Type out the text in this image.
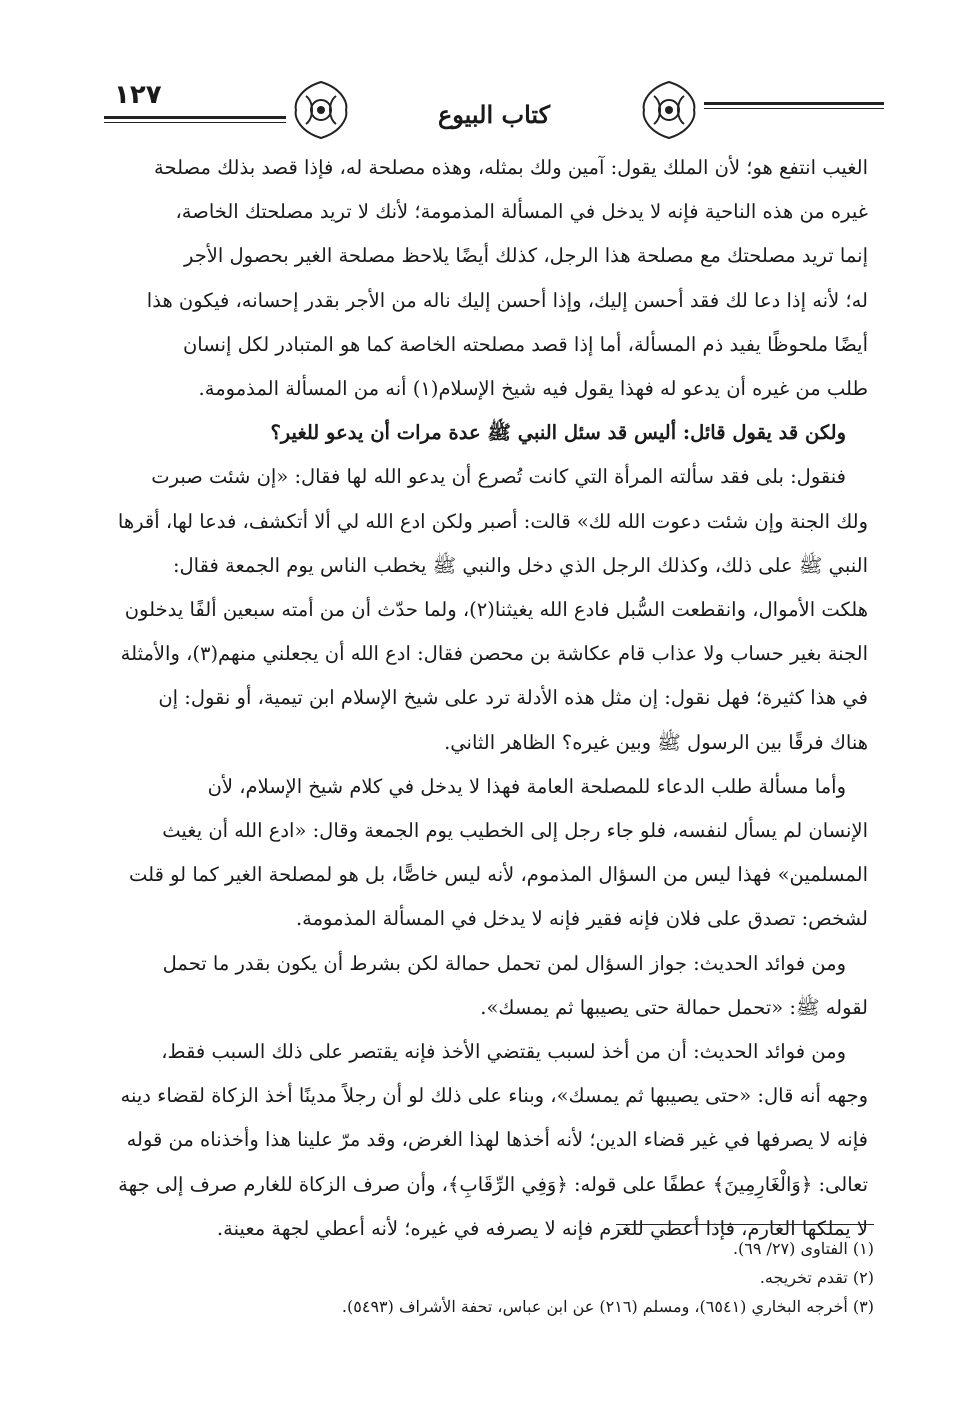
١٢٧
كتاب البيوع

الغيب انتفع هو؛ لأن الملك يقول: آمين ولك بمثله، وهذه مصلحة له، فإذا قصد بذلك مصلحة
غيره من هذه الناحية فإنه لا يدخل في المسألة المذمومة؛ لأنك لا تريد مصلحتك الخاصة،
إنما تريد مصلحتك مع مصلحة هذا الرجل، كذلك أيضًا يلاحظ مصلحة الغير بحصول الأجر
له؛ لأنه إذا دعا لك فقد أحسن إليك، وإذا أحسن إليك ناله من الأجر بقدر إحسانه، فيكون هذا
أيضًا ملحوظًا يفيد ذم المسألة، أما إذا قصد مصلحته الخاصة كما هو المتبادر لكل إنسان
طلب من غيره أن يدعو له فهذا يقول فيه شيخ الإسلام(١) أنه من المسألة المذمومة.

ولكن قد يقول قائل: أليس قد سئل النبي ﷺ عدة مرات أن يدعو للغير؟

فنقول: بلى فقد سألته المرأة التي كانت تُصرع أن يدعو الله لها فقال: «إن شئت صبرت
ولك الجنة وإن شئت دعوت الله لك» قالت: أصبر ولكن ادع الله لي ألا أتكشف، فدعا لها، أقرها
النبي ﷺ على ذلك، وكذلك الرجل الذي دخل والنبي ﷺ يخطب الناس يوم الجمعة فقال:
هلكت الأموال، وانقطعت السُّبل فادع الله يغيثنا(٢)، ولما حدّث أن من أمته سبعين ألفًا يدخلون
الجنة بغير حساب ولا عذاب قام عكاشة بن محصن فقال: ادع الله أن يجعلني منهم(٣)، والأمثلة
في هذا كثيرة؛ فهل نقول: إن مثل هذه الأدلة ترد على شيخ الإسلام ابن تيمية، أو نقول: إن
هناك فرقًا بين الرسول ﷺ وبين غيره؟ الظاهر الثاني.

وأما مسألة طلب الدعاء للمصلحة العامة فهذا لا يدخل في كلام شيخ الإسلام، لأن
الإنسان لم يسأل لنفسه، فلو جاء رجل إلى الخطيب يوم الجمعة وقال: «ادع الله أن يغيث
المسلمين» فهذا ليس من السؤال المذموم، لأنه ليس خاصًّا، بل هو لمصلحة الغير كما لو قلت
لشخص: تصدق على فلان فإنه فقير فإنه لا يدخل في المسألة المذمومة.

ومن فوائد الحديث: جواز السؤال لمن تحمل حمالة لكن بشرط أن يكون بقدر ما تحمل
لقوله ﷺ: «تحمل حمالة حتى يصيبها ثم يمسك».

ومن فوائد الحديث: أن من أخذ لسبب يقتضي الأخذ فإنه يقتصر على ذلك السبب فقط،
وجهه أنه قال: «حتى يصيبها ثم يمسك»، وبناء على ذلك لو أن رجلاً مدينًا أخذ الزكاة لقضاء دينه
فإنه لا يصرفها في غير قضاء الدين؛ لأنه أخذها لهذا الغرض، وقد مرّ علينا هذا وأخذناه من قوله
تعالى: ﴿وَالْغَارِمِينَ﴾ عطفًا على قوله: ﴿وَفِي الرِّقَابِ﴾، وأن صرف الزكاة للغارم صرف إلى جهة
لا يملكها الغارم، فإذا أعطي للغرم فإنه لا يصرفه في غيره؛ لأنه أعطي لجهة معينة.

(١) الفتاوى (٢٧/ ٦٩).
(٢) تقدم تخريجه.
(٣) أخرجه البخاري (٦٥٤١)، ومسلم (٢١٦) عن ابن عباس، تحفة الأشراف (٥٤٩٣).
